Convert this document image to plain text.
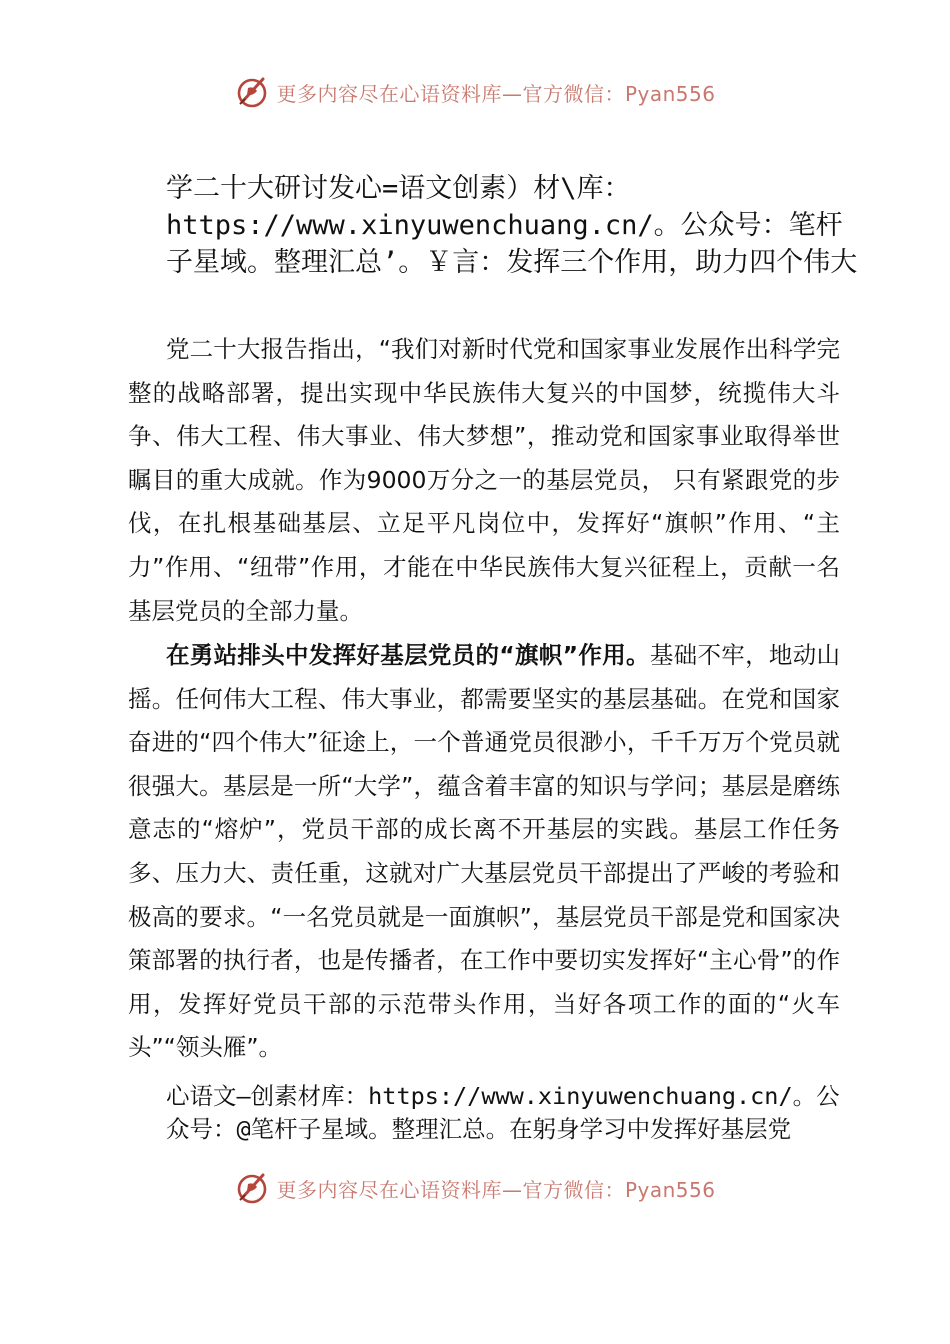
更多内容尽在心语资料库—官方微信：Pyan556

学二十大研讨发心=语文创素）材\库：https://www.xinyuwenchuang.cn/。公众号：笔杆子星域。整理汇总’。￥言：发挥三个作用，助力四个伟大

党二十大报告指出，“我们对新时代党和国家事业发展作出科学完整的战略部署，提出实现中华民族伟大复兴的中国梦，统揽伟大斗争、伟大工程、伟大事业、伟大梦想”，推动党和国家事业取得举世瞩目的重大成就。作为9000万分之一的基层党员， 只有紧跟党的步伐，在扎根基础基层、立足平凡岗位中，发挥好“旗帜”作用、“主力”作用、“纽带”作用，才能在中华民族伟大复兴征程上，贡献一名基层党员的全部力量。

在勇站排头中发挥好基层党员的“旗帜”作用。基础不牢，地动山摇。任何伟大工程、伟大事业，都需要坚实的基层基础。在党和国家奋进的“四个伟大”征途上，一个普通党员很渺小，千千万万个党员就很强大。基层是一所“大学”，蕴含着丰富的知识与学问；基层是磨练意志的“熔炉”，党员干部的成长离不开基层的实践。基层工作任务多、压力大、责任重，这就对广大基层党员干部提出了严峻的考验和极高的要求。“一名党员就是一面旗帜”，基层党员干部是党和国家决策部署的执行者，也是传播者，在工作中要切实发挥好“主心骨”的作用，发挥好党员干部的示范带头作用，当好各项工作的面的“火车头”“领头雁”。

心语文—创素材库：https://www.xinyuwenchuang.cn/。公众号：@笔杆子星域。整理汇总。在躬身学习中发挥好基层党

更多内容尽在心语资料库—官方微信：Pyan556
